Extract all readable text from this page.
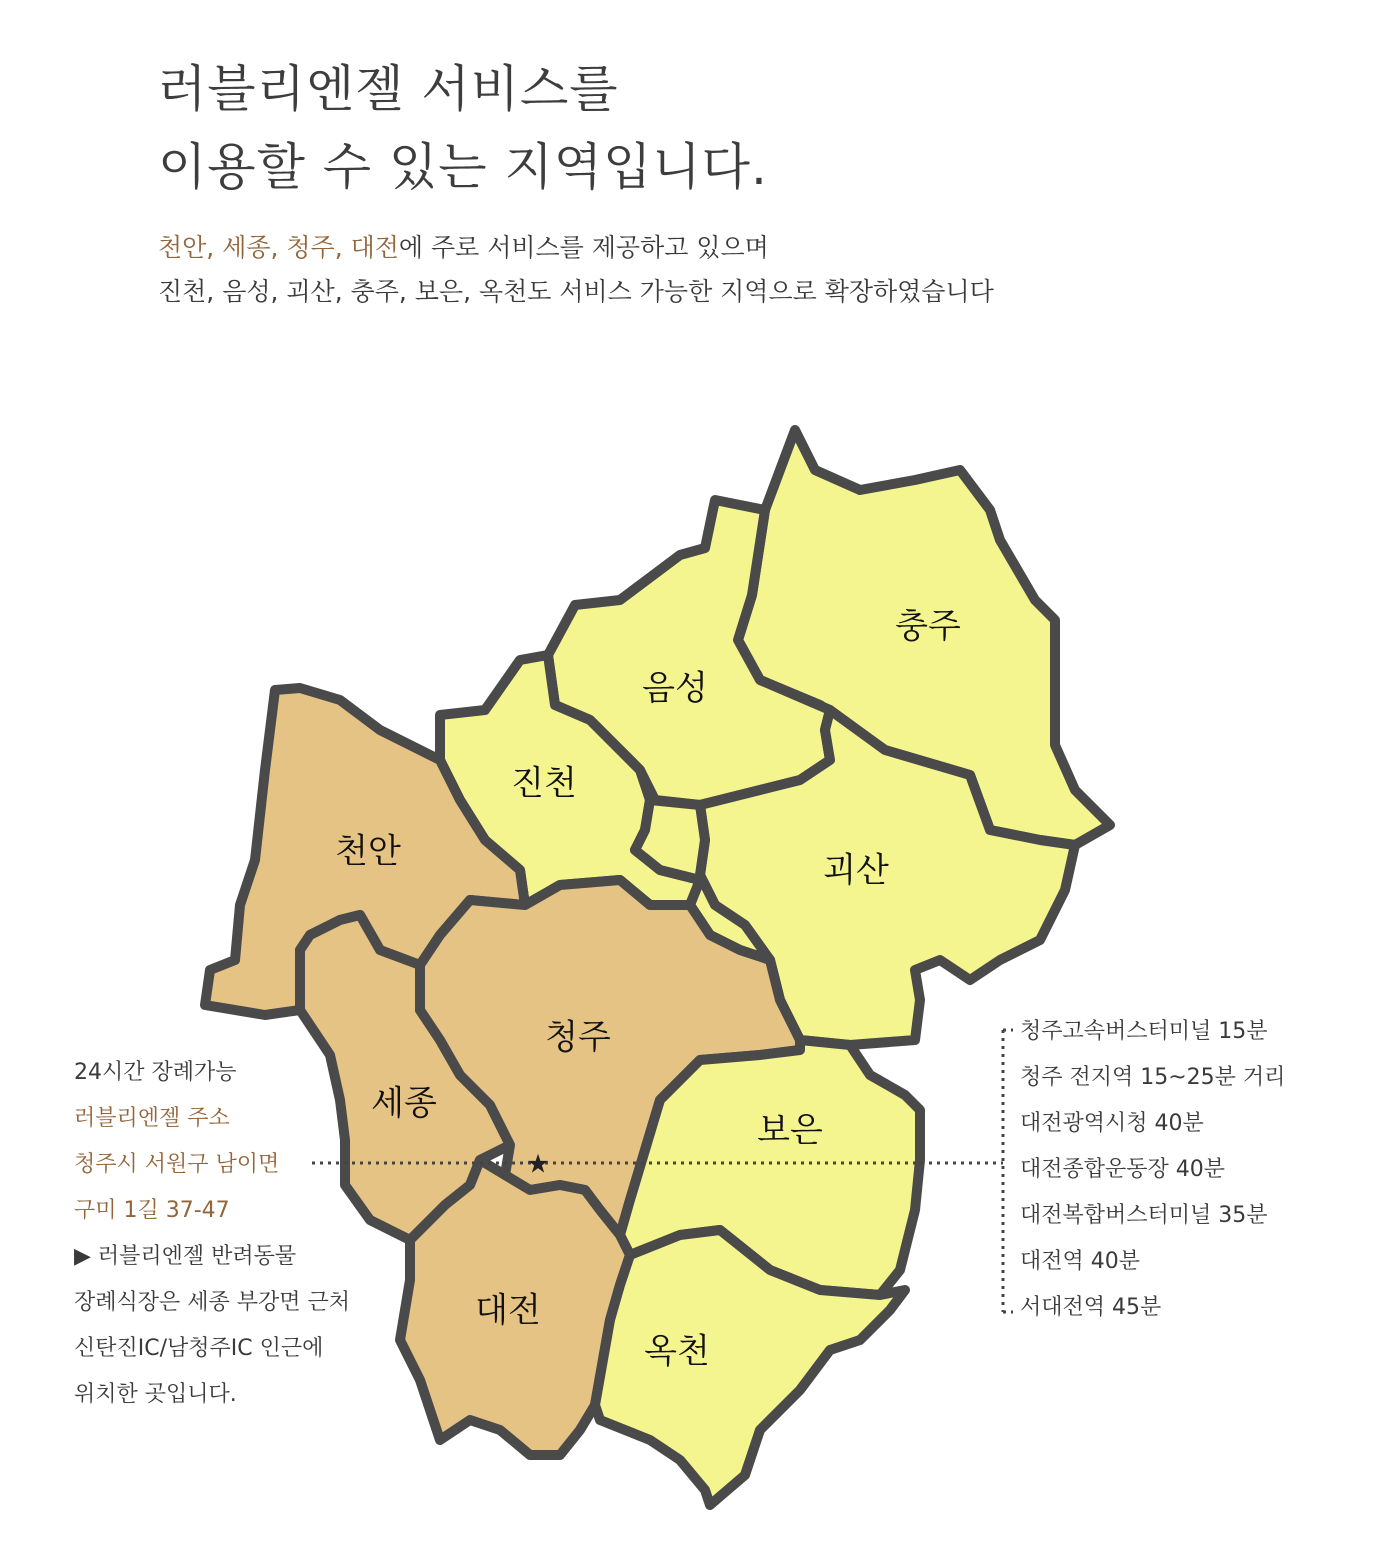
러블리엔젤 서비스를
이용할 수 있는 지역입니다.
천안, 세종, 청주, 대전에 주로 서비스를 제공하고 있으며
진천, 음성, 괴산, 충주, 보은, 옥천도 서비스 가능한 지역으로 확장하였습니다
★
충주
음성
진천
괴산
천안
청주
세종
보은
대전
옥천
24시간 장례가능
러블리엔젤 주소
청주시 서원구 남이면
구미 1길 37-47
▶ 러블리엔젤 반려동물
장례식장은 세종 부강면 근처
신탄진IC/남청주IC 인근에
위치한 곳입니다.
청주고속버스터미널 15분
청주 전지역 15~25분 거리
대전광역시청 40분
대전종합운동장 40분
대전복합버스터미널 35분
대전역 40분
서대전역 45분
